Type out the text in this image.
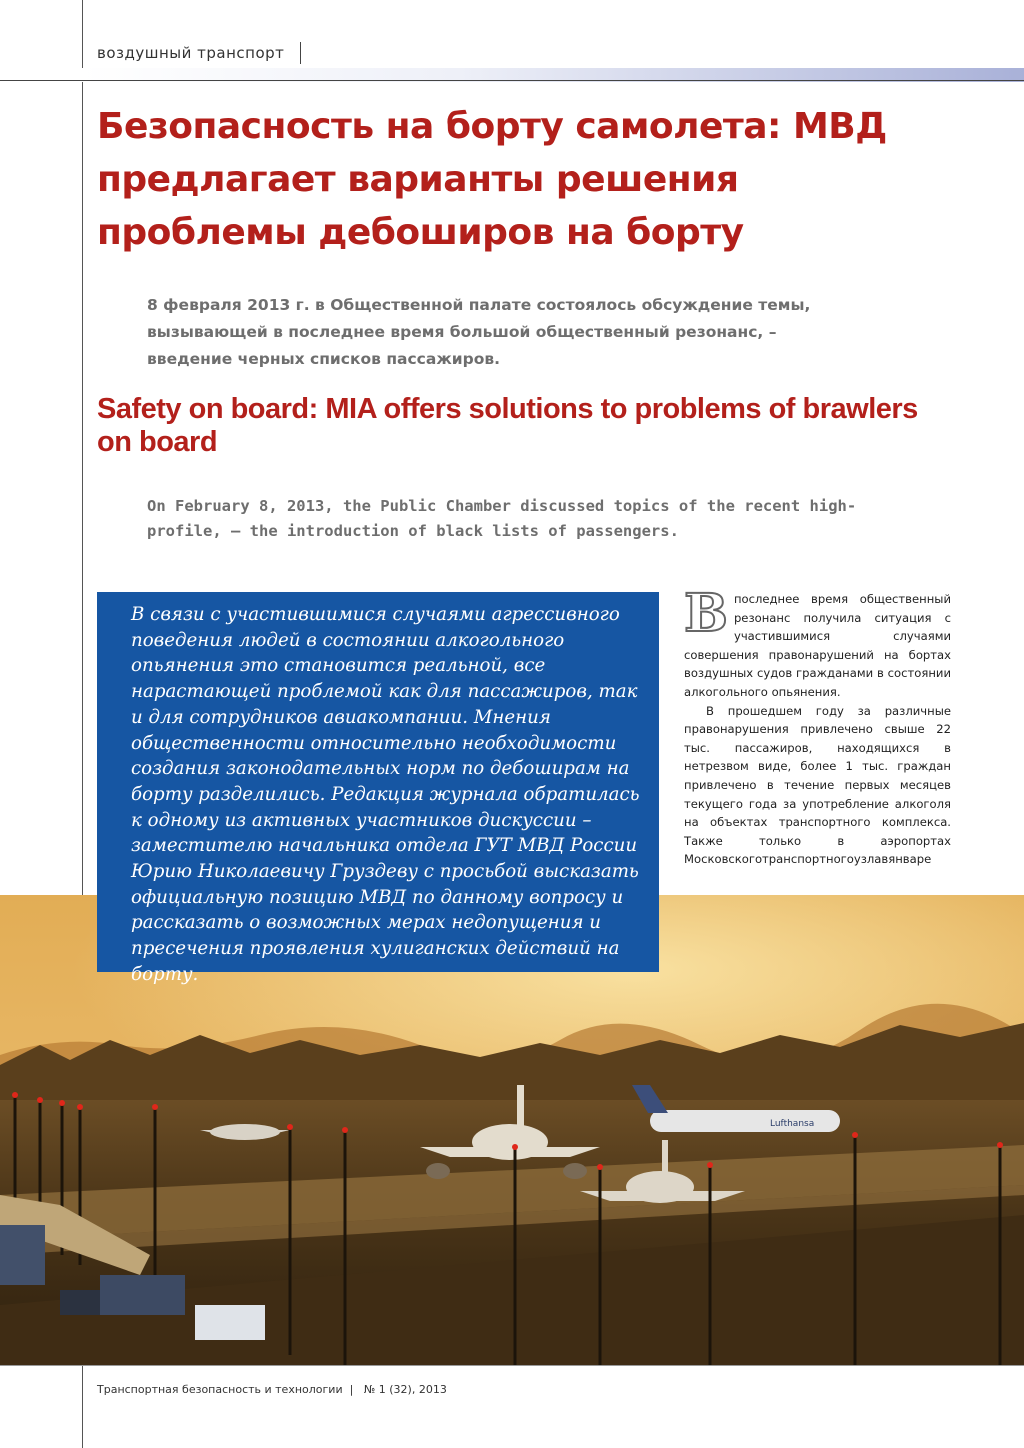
воздушный транспорт
Безопасность на борту самолета: МВД предлагает варианты решения проблемы дебоширов на борту
8 февраля 2013 г. в Общественной палате состоялось обсуждение темы, вызывающей в последнее время большой общественный резонанс, – введение черных списков пассажиров.
Safety on board: MIA offers solutions to problems of brawlers on board
On February 8, 2013, the Public Chamber discussed topics of the recent high-profile, – the introduction of black lists of passengers.
Lufthansa

В связи с участившимися случаями агрессивного поведения людей в состоянии алкогольного опьянения это становится реальной, все нарастающей проблемой как для пассажиров, так и для сотрудников авиакомпании. Мнения общественности относительно необходимости создания законодательных норм по дебоширам на борту разделились. Редакция журнала обратилась к одному из активных участников дискуссии – заместителю начальника отдела ГУТ МВД России Юрию Николаевичу Груздеву с просьбой высказать официальную позицию МВД по данному вопросу и рассказать о возможных мерах недопущения и пресечения проявления хулиганских действий на борту.

Впоследнее время общественный резонанс получила ситуация с участившимися случаями совершения правонарушений на бортах воздушных судов гражданами в состоянии алкогольного опьянения.

В прошедшем году за различные правонарушения привлечено свыше 22 тыс. пассажиров, находящихся в нетрезвом виде, более 1 тыс. граждан привлечено в течение первых месяцев текущего года за употребление алкоголя на объектах транспортного комплекса. Также только в аэропортах Московскоготранспортногоузлавянваре

Транспортная безопасность и технологии  |   № 1 (32), 2013
